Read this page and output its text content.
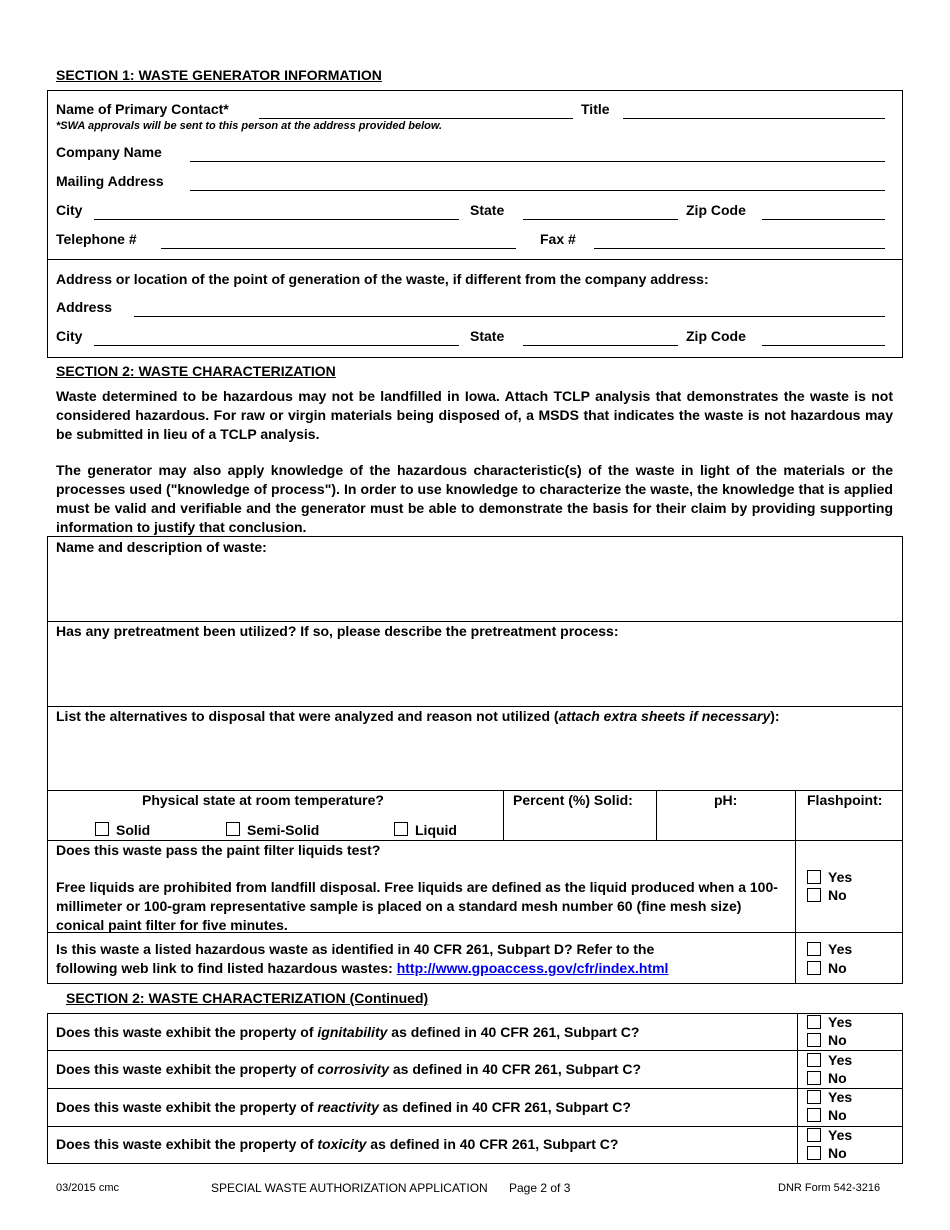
SECTION 1: WASTE GENERATOR INFORMATION
Name of Primary Contact*	Title
*SWA approvals will be sent to this person at the address provided below.
Company Name
Mailing Address
City	State	Zip Code
Telephone #	Fax #
Address or location of the point of generation of the waste, if different from the company address:
Address
City	State	Zip Code
SECTION 2: WASTE CHARACTERIZATION
Waste determined to be hazardous may not be landfilled in Iowa. Attach TCLP analysis that demonstrates the waste is not considered hazardous. For raw or virgin materials being disposed of, a MSDS that indicates the waste is not hazardous may be submitted in lieu of a TCLP analysis.
The generator may also apply knowledge of the hazardous characteristic(s) of the waste in light of the materials or the processes used ("knowledge of process"). In order to use knowledge to characterize the waste, the knowledge that is applied must be valid and verifiable and the generator must be able to demonstrate the basis for their claim by providing supporting information to justify that conclusion.
Name and description of waste:
Has any pretreatment been utilized? If so, please describe the pretreatment process:
List the alternatives to disposal that were analyzed and reason not utilized (attach extra sheets if necessary):
Physical state at room temperature?
Solid	Semi-Solid	Liquid
Percent (%) Solid:	pH:	Flashpoint:
Does this waste pass the paint filter liquids test?
Free liquids are prohibited from landfill disposal. Free liquids are defined as the liquid produced when a 100-millimeter or 100-gram representative sample is placed on a standard mesh number 60 (fine mesh size) conical paint filter for five minutes.
Yes
No
Is this waste a listed hazardous waste as identified in 40 CFR 261, Subpart D? Refer to the
following web link to find listed hazardous wastes: http://www.gpoaccess.gov/cfr/index.html
Yes
No
SECTION 2: WASTE CHARACTERIZATION (Continued)
Does this waste exhibit the property of ignitability as defined in 40 CFR 261, Subpart C?
Yes
No
Does this waste exhibit the property of corrosivity as defined in 40 CFR 261, Subpart C?
Yes
No
Does this waste exhibit the property of reactivity as defined in 40 CFR 261, Subpart C?
Yes
No
Does this waste exhibit the property of toxicity as defined in 40 CFR 261, Subpart C?
Yes
No
03/2015 cmc	SPECIAL WASTE AUTHORIZATION APPLICATION Page 2 of 3	DNR Form 542-3216
